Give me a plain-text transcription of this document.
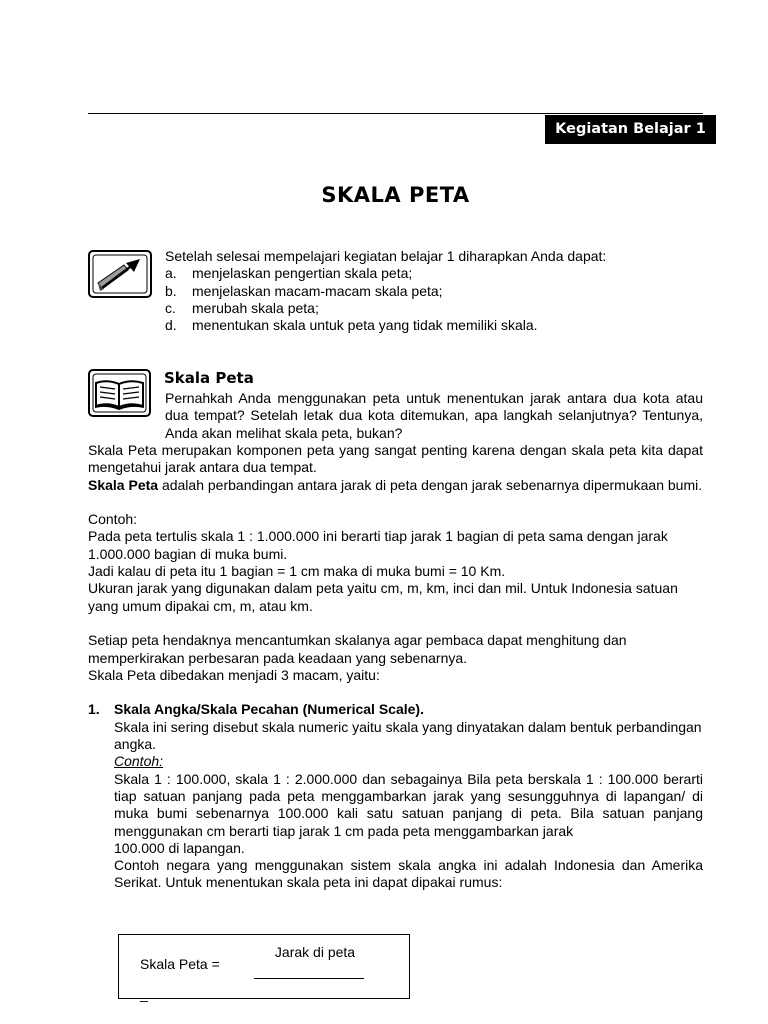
Kegiatan Belajar 1
SKALA PETA
Setelah selesai mempelajari kegiatan belajar 1 diharapkan Anda dapat:
a.	menjelaskan pengertian skala peta;
b.	menjelaskan macam-macam skala peta;
c.	merubah skala peta;
d.	menentukan skala untuk peta yang tidak memiliki skala.
Skala Peta

Pernahkah Anda menggunakan peta untuk menentukan jarak antara dua kota atau dua tempat? Setelah letak dua kota ditemukan, apa langkah selanjutnya? Tentunya, Anda akan melihat skala peta, bukan?

Skala Peta merupakan komponen peta yang sangat penting karena dengan skala peta kita dapat mengetahui jarak antara dua tempat.

Skala Peta adalah perbandingan antara jarak di peta dengan jarak sebenarnya dipermukaan bumi.

Contoh:

Pada peta tertulis skala 1 : 1.000.000 ini berarti tiap jarak 1 bagian di peta sama dengan jarak 1.000.000 bagian di muka bumi.

Jadi kalau di peta itu 1 bagian = 1 cm maka di muka bumi = 10 Km.

Ukuran jarak yang digunakan dalam peta yaitu cm, m, km, inci dan mil. Untuk Indonesia satuan yang umum dipakai cm, m, atau km.

Setiap peta hendaknya mencantumkan skalanya agar pembaca dapat menghitung dan memperkirakan perbesaran pada keadaan yang sebenarnya.

Skala Peta dibedakan menjadi 3 macam, yaitu:

1. Skala Angka/Skala Pecahan (Numerical Scale).

Skala ini sering disebut skala numeric yaitu skala yang dinyatakan dalam bentuk perbandingan angka.

Contoh:

Skala 1 : 100.000, skala 1 : 2.000.000 dan sebagainya Bila peta berskala 1 : 100.000 berarti tiap satuan panjang pada peta menggambarkan jarak yang sesungguhnya di lapangan/ di muka bumi sebenarnya 100.000 kali satu satuan panjang di peta. Bila satuan panjang menggunakan cm berarti tiap jarak 1 cm pada peta menggambarkan jarak

100.000 di lapangan.

Contoh negara yang menggunakan sistem skala angka ini adalah Indonesia dan Amerika Serikat. Untuk menentukan skala peta ini dapat dipakai rumus:

Jarak di peta
Skala Peta =
_
